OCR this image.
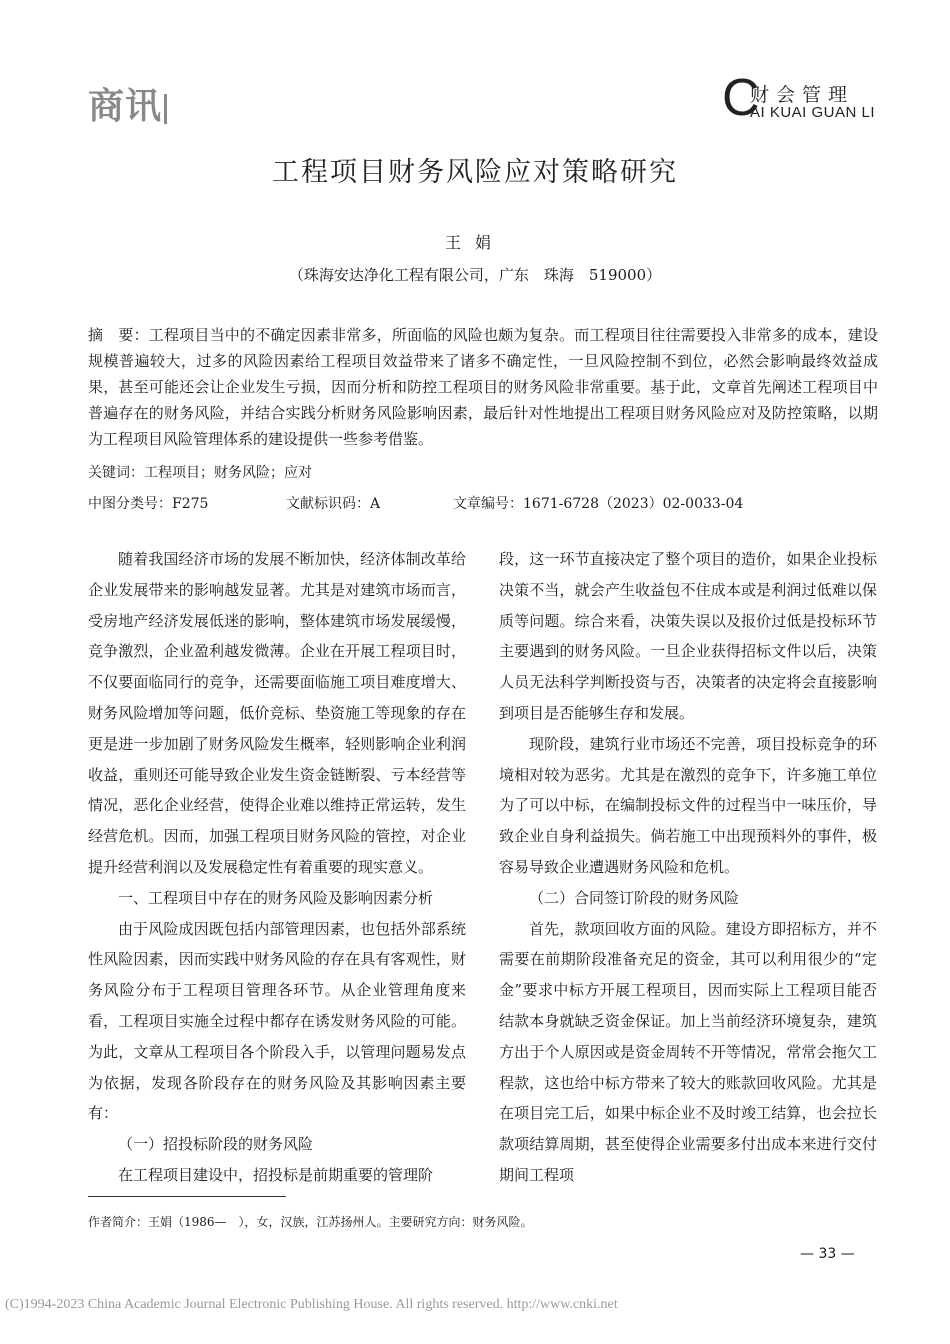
商讯	C
财会管理
AI KUAI GUAN LI
工程项目财务风险应对策略研究
王娟
（珠海安达净化工程有限公司，广东　珠海　519000）
摘　要：工程项目当中的不确定因素非常多，所面临的风险也颇为复杂。而工程项目往往需要投入非常多的成本，建设规模普遍较大，过多的风险因素给工程项目效益带来了诸多不确定性，一旦风险控制不到位，必然会影响最终效益成果，甚至可能还会让企业发生亏损，因而分析和防控工程项目的财务风险非常重要。基于此，文章首先阐述工程项目中普遍存在的财务风险，并结合实践分析财务风险影响因素，最后针对性地提出工程项目财务风险应对及防控策略，以期为工程项目风险管理体系的建设提供一些参考借鉴。
关键词：工程项目；财务风险；应对
中图分类号：F275	文献标识码：A	文章编号：1671-6728（2023）02-0033-04

随着我国经济市场的发展不断加快，经济体制改革给企业发展带来的影响越发显著。尤其是对建筑市场而言，受房地产经济发展低迷的影响，整体建筑市场发展缓慢，竞争激烈，企业盈利越发微薄。企业在开展工程项目时，不仅要面临同行的竞争，还需要面临施工项目难度增大、财务风险增加等问题，低价竞标、垫资施工等现象的存在更是进一步加剧了财务风险发生概率，轻则影响企业利润收益，重则还可能导致企业发生资金链断裂、亏本经营等情况，恶化企业经营，使得企业难以维持正常运转，发生经营危机。因而，加强工程项目财务风险的管控，对企业提升经营利润以及发展稳定性有着重要的现实意义。

一、工程项目中存在的财务风险及影响因素分析

由于风险成因既包括内部管理因素，也包括外部系统性风险因素，因而实践中财务风险的存在具有客观性，财务风险分布于工程项目管理各环节。从企业管理角度来看，工程项目实施全过程中都存在诱发财务风险的可能。为此，文章从工程项目各个阶段入手，以管理问题易发点为依据，发现各阶段存在的财务风险及其影响因素主要有：

（一）招投标阶段的财务风险

在工程项目建设中，招投标是前期重要的管理阶

段，这一环节直接决定了整个项目的造价，如果企业投标决策不当，就会产生收益包不住成本或是利润过低难以保质等问题。综合来看，决策失误以及报价过低是投标环节主要遇到的财务风险。一旦企业获得招标文件以后，决策人员无法科学判断投资与否，决策者的决定将会直接影响到项目是否能够生存和发展。

现阶段，建筑行业市场还不完善，项目投标竞争的环境相对较为恶劣。尤其是在激烈的竞争下，许多施工单位为了可以中标，在编制投标文件的过程当中一味压价，导致企业自身利益损失。倘若施工中出现预料外的事件，极容易导致企业遭遇财务风险和危机。

（二）合同签订阶段的财务风险

首先，款项回收方面的风险。建设方即招标方，并不需要在前期阶段准备充足的资金，其可以利用很少的“定金”要求中标方开展工程项目，因而实际上工程项目能否结款本身就缺乏资金保证。加上当前经济环境复杂，建筑方出于个人原因或是资金周转不开等情况，常常会拖欠工程款，这也给中标方带来了较大的账款回收风险。尤其是在项目完工后，如果中标企业不及时竣工结算，也会拉长款项结算周期，甚至使得企业需要多付出成本来进行交付期间工程项

作者简介：王娟（1986—　），女，汉族，江苏扬州人。主要研究方向：财务风险。
— 33 —
(C)1994-2023 China Academic Journal Electronic Publishing House. All rights reserved. http://www.cnki.net
